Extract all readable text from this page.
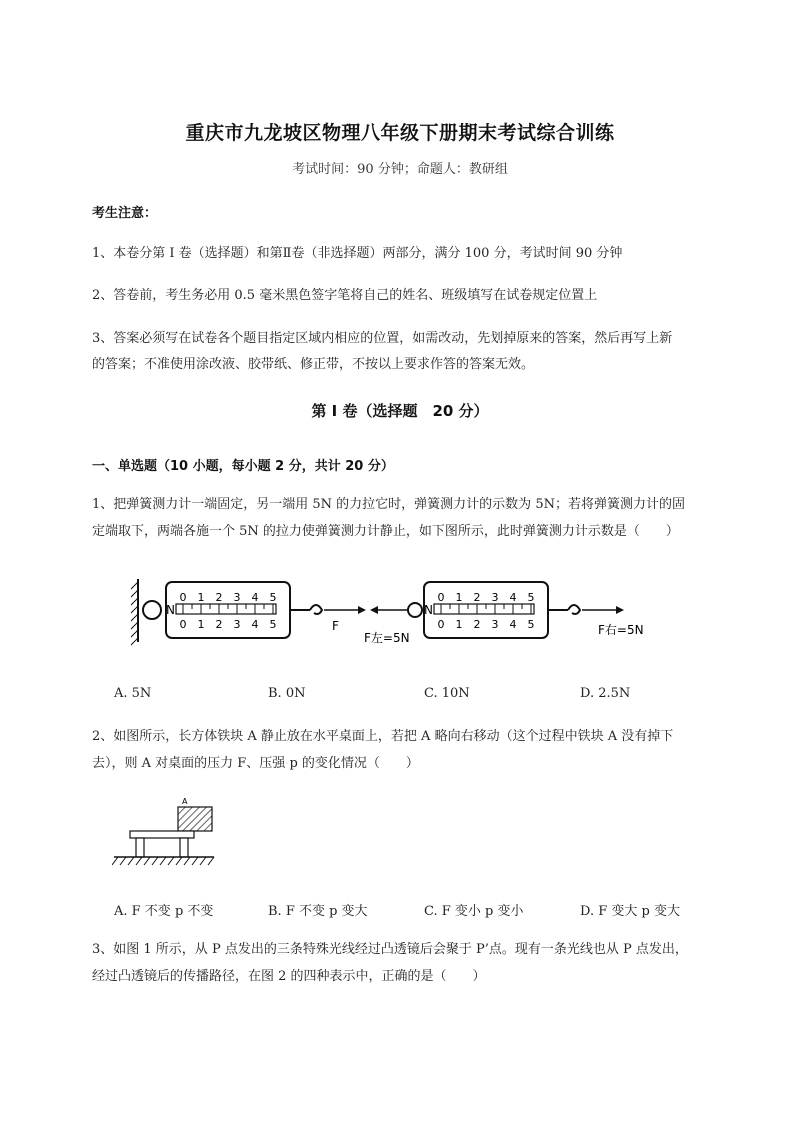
重庆市九龙坡区物理八年级下册期末考试综合训练
考试时间：90 分钟；命题人：教研组
考生注意：
1、本卷分第 I 卷（选择题）和第Ⅱ卷（非选择题）两部分，满分 100 分，考试时间 90 分钟
2、答卷前，考生务必用 0.5 毫米黑色签字笔将自己的姓名、班级填写在试卷规定位置上
3、答案必须写在试卷各个题目指定区域内相应的位置，如需改动，先划掉原来的答案，然后再写上新
的答案；不准使用涂改液、胶带纸、修正带，不按以上要求作答的答案无效。
第 I 卷（选择题　20 分）
一、单选题（10 小题，每小题 2 分，共计 20 分）
1、把弹簧测力计一端固定，另一端用 5N 的力拉它时，弹簧测力计的示数为 5N；若将弹簧测力计的固
定端取下，两端各施一个 5N 的拉力使弹簧测力计静止，如下图所示，此时弹簧测力计示数是（　　）
N
0 1 2 3 4 5
0 1 2 3 4 5	F
N
0 1 2 3 4 5
0 1 2 3 4 5
F左=5N
F右=5N
A. 5N	B. 0N	C. 10N	D. 2.5N
2、如图所示，长方体铁块 A 静止放在水平桌面上，若把 A 略向右移动（这个过程中铁块 A 没有掉下
去），则 A 对桌面的压力 F、压强 p 的变化情况（　　）
A
A. F 不变 p 不变	B. F 不变 p 变大	C. F 变小 p 变小	D. F 变大 p 变大
3、如图 1 所示，从 P 点发出的三条特殊光线经过凸透镜后会聚于 P’点。现有一条光线也从 P 点发出，
经过凸透镜后的传播路径，在图 2 的四种表示中，正确的是（　　）
